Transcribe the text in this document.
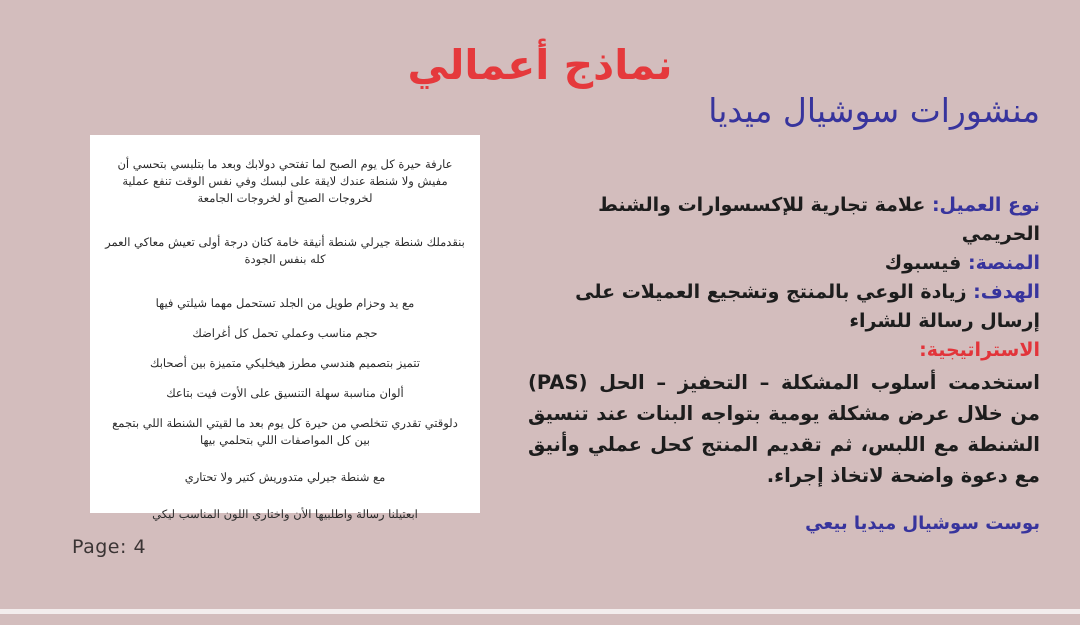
نماذج أعمالي
منشورات سوشيال ميديا
نوع العميل: علامة تجارية للإكسسوارات والشنط الحريمي
المنصة: فيسبوك
الهدف: زيادة الوعي بالمنتج وتشجيع العميلات على إرسال رسالة للشراء
الاستراتيجية:

استخدمت أسلوب المشكلة – التحفيز – الحل (PAS) من خلال عرض مشكلة يومية بتواجه البنات عند تنسيق الشنطة مع اللبس، ثم تقديم المنتج كحل عملي وأنيق مع دعوة واضحة لاتخاذ إجراء.

بوست سوشيال ميديا بيعي

عارفة حيرة كل يوم الصبح لما تفتحي دولابك وبعد ما بتلبسي بتحسي أن مفيش ولا شنطة عندك لايقة على لبسك وفي نفس الوقت تنفع عملية لخروجات الصبح أو لخروجات الجامعة

بنقدملك شنطة جيرلي شنطة أنيقة خامة كتان درجة أولى تعيش معاكي العمر كله بنفس الجودة

مع يد وحزام طويل من الجلد تستحمل مهما شيلتي فيها

حجم مناسب وعملي تحمل كل أغراضك

تتميز بتصميم هندسي مطرز هيخليكي متميزة بين أصحابك

ألوان مناسبة سهلة التنسيق على الأوت فيت بتاعك

دلوقتي تقدري تتخلصي من حيرة كل يوم بعد ما لقيتي الشنطة اللي بتجمع بين كل المواصفات اللي بتحلمي بيها

مع شنطة جيرلي متدوريش كتير ولا تحتاري

ابعتيلنا رسالة واطلبيها الأن واختاري اللون المناسب ليكي

Page: 4
